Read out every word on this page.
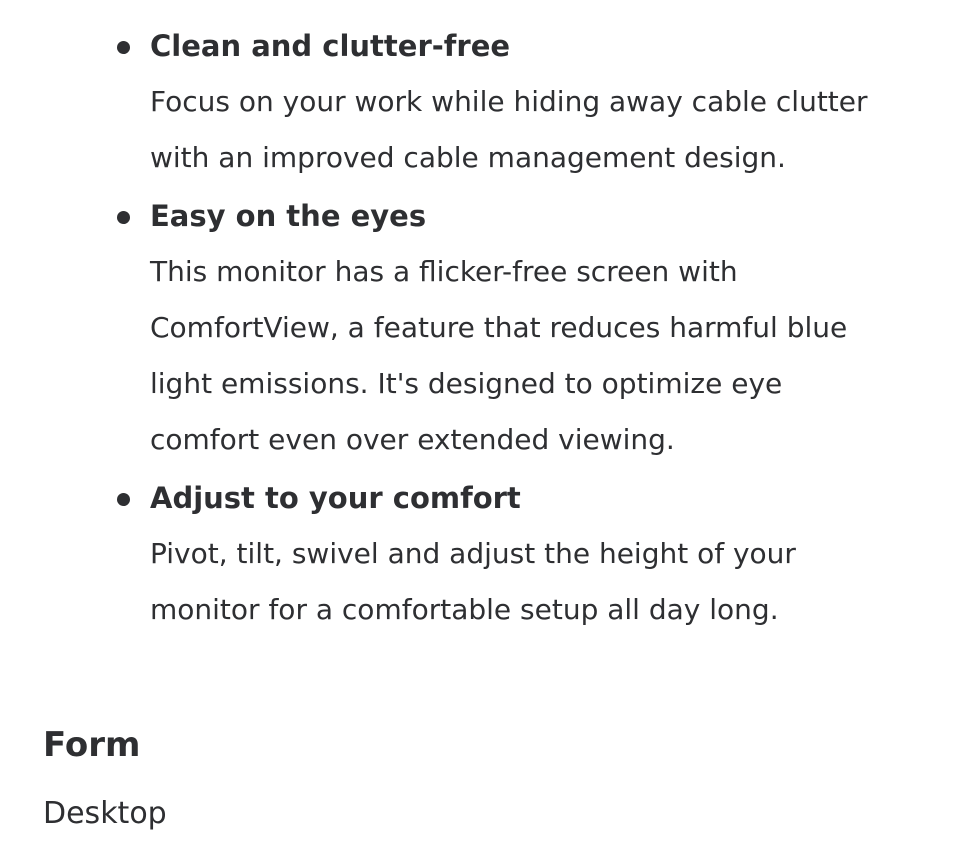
Clean and clutter-free

Focus on your work while hiding away cable clutter with an improved cable management design.

Easy on the eyes

This monitor has a flicker-free screen with ComfortView, a feature that reduces harmful blue light emissions. It's designed to optimize eye comfort even over extended viewing.

Adjust to your comfort

Pivot, tilt, swivel and adjust the height of your monitor for a comfortable setup all day long.

Form
Desktop
